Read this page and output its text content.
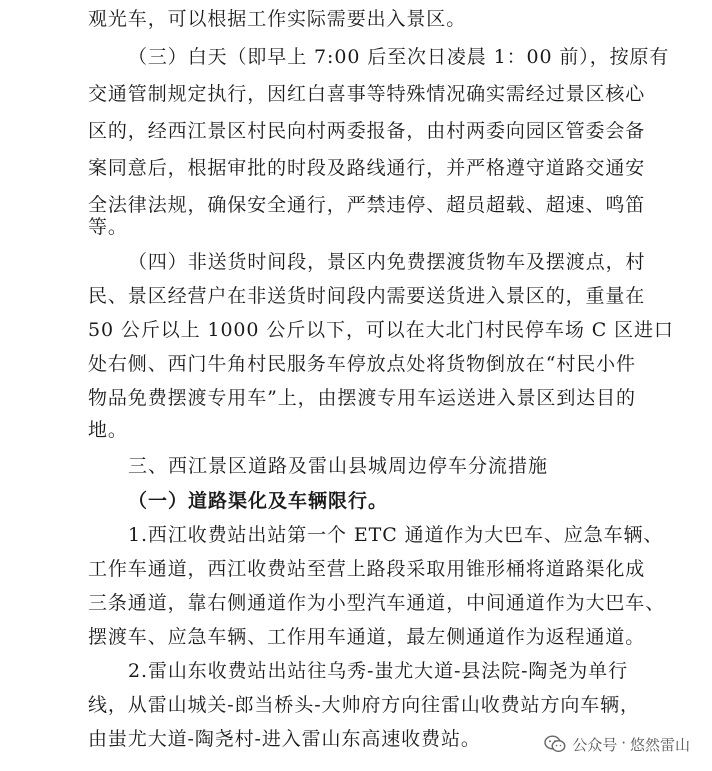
观光车，可以根据工作实际需要出入景区。
（三）白天（即早上 7:00 后至次日凌晨 1：00 前），按原有
交通管制规定执行，因红白喜事等特殊情况确实需经过景区核心
区的，经西江景区村民向村两委报备，由村两委向园区管委会备
案同意后，根据审批的时段及路线通行，并严格遵守道路交通安
全法律法规，确保安全通行，严禁违停、超员超载、超速、鸣笛
等。
（四）非送货时间段，景区内免费摆渡货物车及摆渡点，村
民、景区经营户在非送货时间段内需要送货进入景区的，重量在
50 公斤以上 1000 公斤以下，可以在大北门村民停车场 C 区进口
处右侧、西门牛角村民服务车停放点处将货物倒放在“村民小件
物品免费摆渡专用车”上，由摆渡专用车运送进入景区到达目的
地。
三、西江景区道路及雷山县城周边停车分流措施
（一）道路渠化及车辆限行。
1.西江收费站出站第一个 ETC 通道作为大巴车、应急车辆、
工作车通道，西江收费站至营上路段采取用锥形桶将道路渠化成
三条通道，靠右侧通道作为小型汽车通道，中间通道作为大巴车、
摆渡车、应急车辆、工作用车通道，最左侧通道作为返程通道。
2.雷山东收费站出站往乌秀-蚩尤大道-县法院-陶尧为单行
线，从雷山城关-郎当桥头-大帅府方向往雷山收费站方向车辆，
由蚩尤大道-陶尧村-进入雷山东高速收费站。	公众号 · 悠然雷山
